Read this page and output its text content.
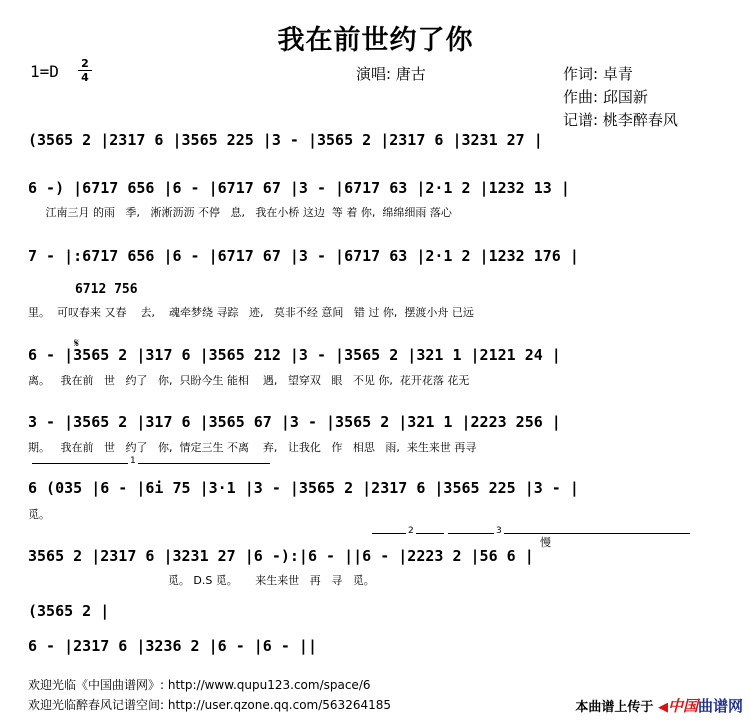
我在前世约了你
1=D 2
4	演唱: 唐古	作词: 卓青
作曲: 邱国新
记谱: 桃李醉春风
(3565 2 |2317 6 |3565 225 |3 - |3565 2 |2317 6 |3231 27 |
6 -) |6717 656 |6 - |6717 67 |3 - |6717 63 |2·1 2 |1232 13 |
江南三月 的雨   季,   淅淅沥沥 不停   息,   我在小桥 这边  等 着 你,  绵绵细雨 落心
7 - |:6717 656 |6 - |6717 67 |3 - |6717 63 |2·1 2 |1232 176 |
6712 756
里。  可叹春来 又春    去,    魂牵梦绕 寻踪   迹,   莫非不经 意间   错 过 你,  摆渡小舟 已远
𝄋
6 - |3565 2 |317 6 |3565 212 |3 - |3565 2 |321 1 |2121 24 |
离。   我在前   世   约了   你,  只盼今生 能相    遇,   望穿双   眼   不见 你,  花开花落 花无
3 - |3565 2 |317 6 |3565 67 |3 - |3565 2 |321 1 |2223 256 |
期。   我在前   世   约了   你,  情定三生 不离    弃,   让我化   作   相思   雨,  来生来世 再寻
1
6 (035 |6 - |6i 75 |3·1 |3 - |3565 2 |2317 6 |3565 225 |3 - |
觅。
2	3
慢
3565 2 |2317 6 |3231 27 |6 -):|6 - ||6 - |2223 2 |56 6 |
觅。 D.S 觅。     来生来世   再   寻   觅。
(3565 2 |
6 - |2317 6 |3236 2 |6 - |6 - ||
欢迎光临《中国曲谱网》: http://www.qupu123.com/space/6
欢迎光临醉春风记谱空间: http://user.qzone.qq.com/563264185	本曲谱上传于 ◀中国曲谱网
